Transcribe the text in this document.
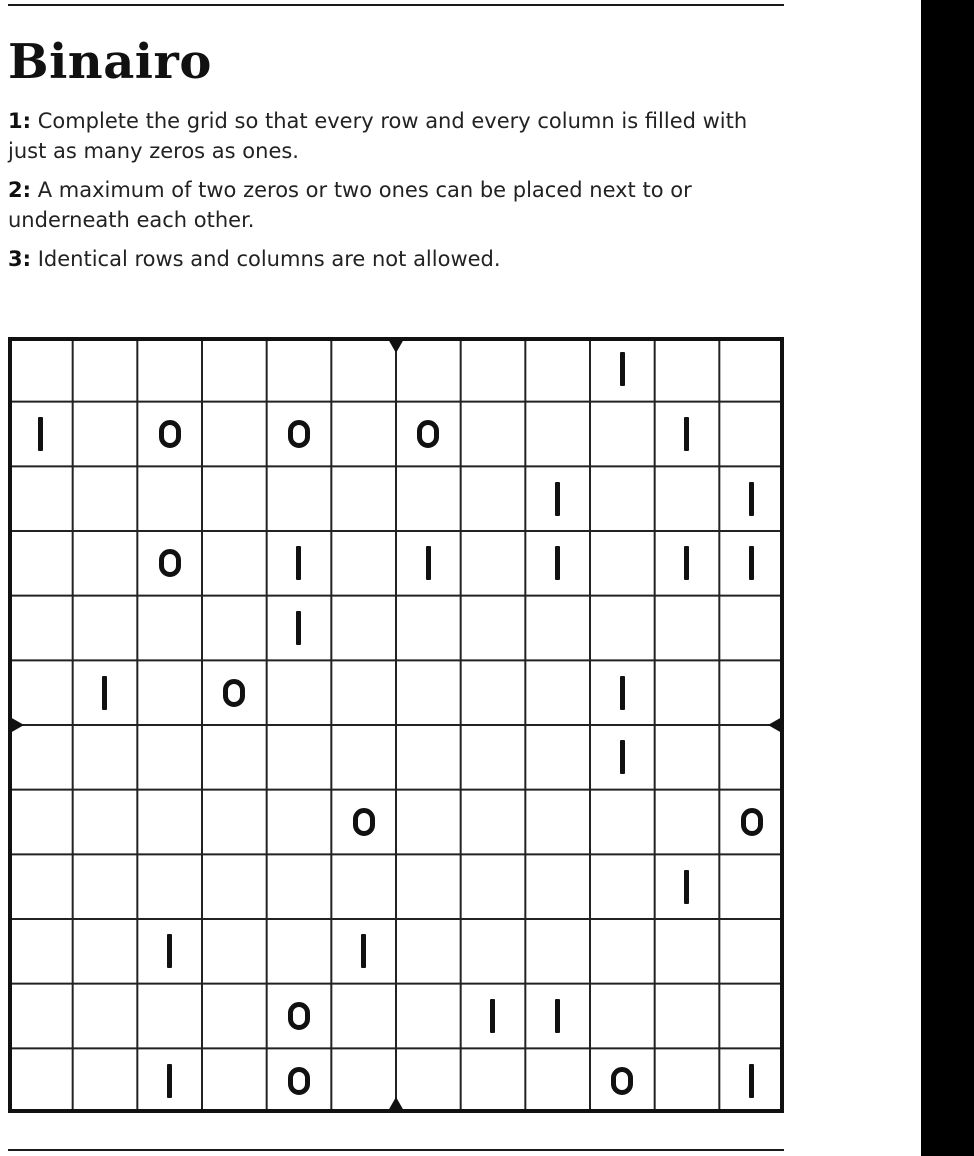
Binairo

1: Complete the grid so that every row and every column is filled with just as many zeros as ones.

2: A maximum of two zeros or two ones can be placed next to or underneath each other.

3: Identical rows and columns are not allowed.
